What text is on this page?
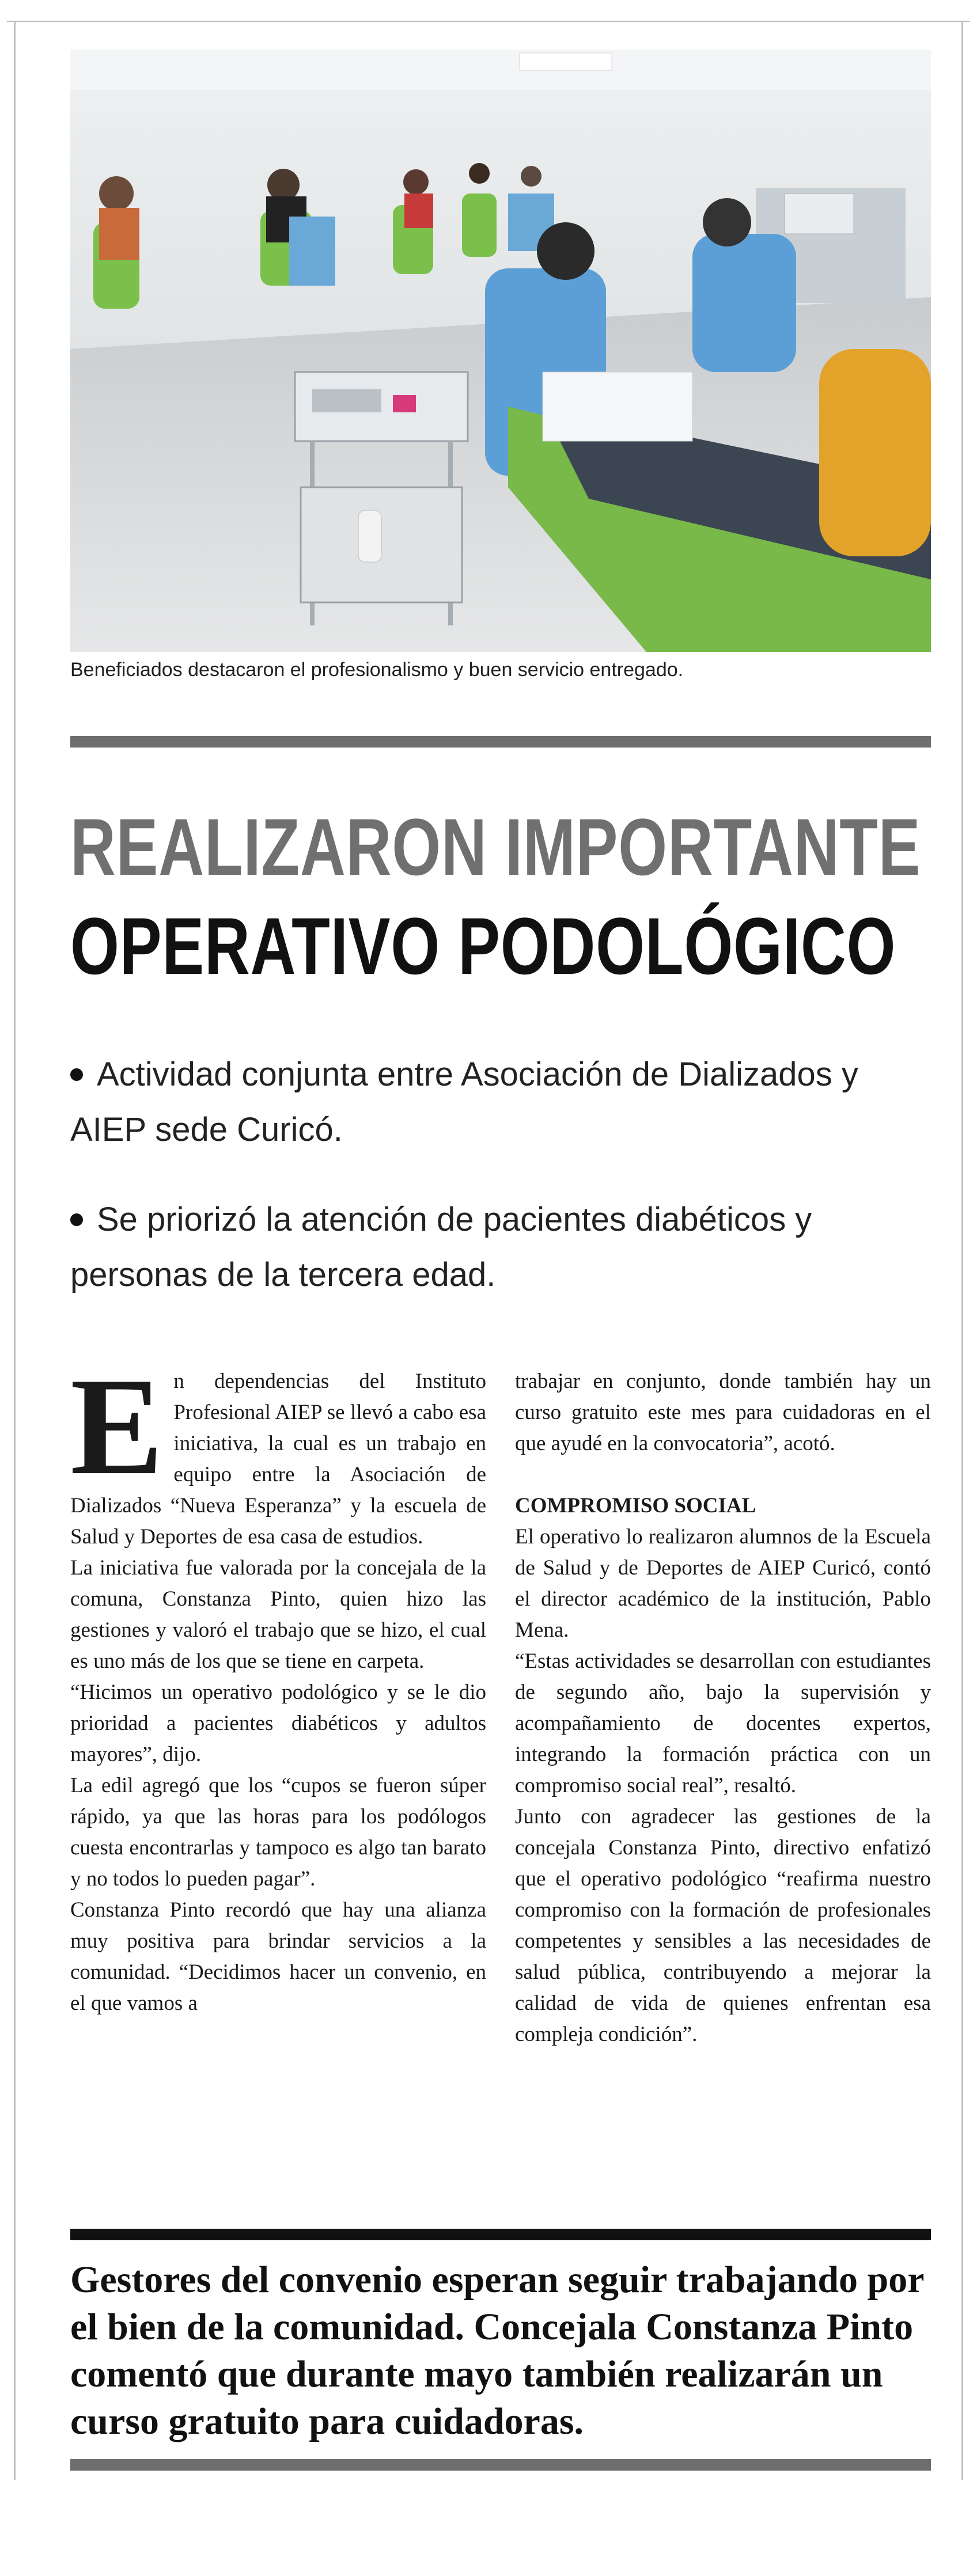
Beneficiados destacaron el profesionalismo y buen servicio entregado.
REALIZARON IMPORTANTE
OPERATIVO PODOLÓGICO
Actividad conjunta entre Asociación de Dializados y AIEP sede Curicó.
Se priorizó la atención de pacientes diabéticos y personas de la tercera edad.

En dependencias del Instituto Profesional AIEP se llevó a cabo esa iniciativa, la cual es un trabajo en equipo entre la Asociación de Dializados “Nueva Esperanza” y la escuela de Salud y Deportes de esa casa de estudios.

La iniciativa fue valorada por la concejala de la comuna, Constanza Pinto, quien hizo las gestiones y valoró el trabajo que se hizo, el cual es uno más de los que se tiene en carpeta.

“Hicimos un operativo podológico y se le dio prioridad a pacientes diabéticos y adultos mayores”, dijo.

La edil agregó que los “cupos se fueron súper rápido, ya que las horas para los podólogos cuesta encontrarlas y tampoco es algo tan barato y no todos lo pueden pagar”.

Constanza Pinto recordó que hay una alianza muy positiva para brindar servicios a la comunidad. “Decidimos hacer un convenio, en el que vamos a

trabajar en conjunto, donde también hay un curso gratuito este mes para cuidadoras en el que ayudé en la convocatoria”, acotó.

COMPROMISO SOCIAL

El operativo lo realizaron alumnos de la Escuela de Salud y de Deportes de AIEP Curicó, contó el director académico de la institución, Pablo Mena.

“Estas actividades se desarrollan con estudiantes de segundo año, bajo la supervisión y acompañamiento de docentes expertos, integrando la formación práctica con un compromiso social real”, resaltó.

Junto con agradecer las gestiones de la concejala Constanza Pinto, directivo enfatizó que el operativo podológico “reafirma nuestro compromiso con la formación de profesionales competentes y sensibles a las necesidades de salud pública, contribuyendo a mejorar la calidad de vida de quienes enfrentan esa compleja condición”.

Gestores del convenio esperan seguir trabajando por el bien de la comunidad. Concejala Constanza Pinto comentó que durante mayo también realizarán un curso gratuito para cuidadoras.
